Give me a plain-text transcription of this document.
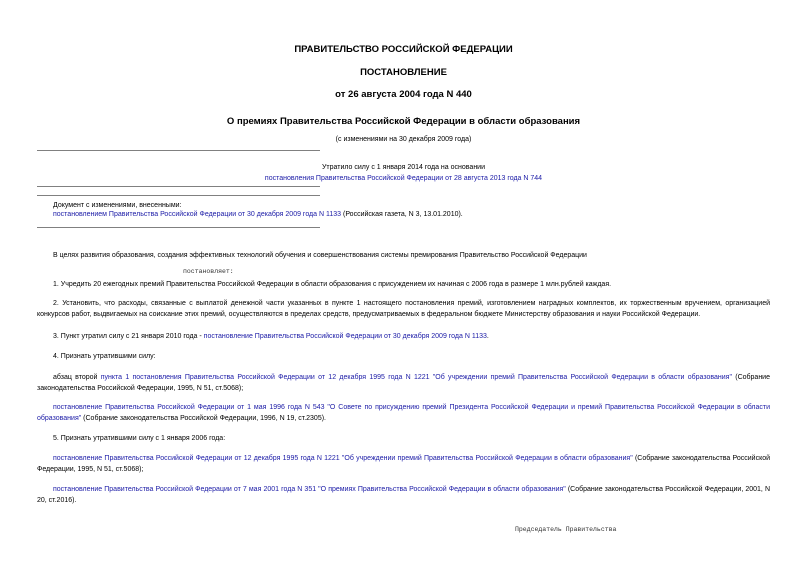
ПРАВИТЕЛЬСТВО РОССИЙСКОЙ ФЕДЕРАЦИИ
ПОСТАНОВЛЕНИЕ
от 26 августа 2004 года N 440
О премиях Правительства Российской Федерации в области образования
(с изменениями на 30 декабря 2009 года)
Утратило силу с 1 января 2014 года на основании
постановления Правительства Российской Федерации от 28 августа 2013 года N 744
Документ с изменениями, внесенными:
постановлением Правительства Российской Федерации от 30 декабря 2009 года N 1133 (Российская газета, N 3, 13.01.2010).
В целях развития образования, создания эффективных технологий обучения и совершенствования системы премирования Правительство Российской Федерации
постановляет:
1. Учредить 20 ежегодных премий Правительства Российской Федерации в области образования с присуждением их начиная с 2006 года в размере 1 млн.рублей каждая.
2. Установить, что расходы, связанные с выплатой денежной части указанных в пункте 1 настоящего постановления премий, изготовлением наградных комплектов, их торжественным вручением, организацией конкурсов работ, выдвигаемых на соискание этих премий, осуществляются в пределах средств, предусматриваемых в федеральном бюджете Министерству образования и науки Российской Федерации.
3. Пункт утратил силу с 21 января 2010 года - постановление Правительства Российской Федерации от 30 декабря 2009 года N 1133.
4. Признать утратившими силу:
абзац второй пункта 1 постановления Правительства Российской Федерации от 12 декабря 1995 года N 1221 "Об учреждении премий Правительства Российской Федерации в области образования" (Собрание законодательства Российской Федерации, 1995, N 51, ст.5068);
постановление Правительства Российской Федерации от 1 мая 1996 года N 543 "О Совете по присуждению премий Президента Российской Федерации и премий Правительства Российской Федерации в области образования" (Собрание законодательства Российской Федерации, 1996, N 19, ст.2305).
5. Признать утратившими силу с 1 января 2006 года:
постановление Правительства Российской Федерации от 12 декабря 1995 года N 1221 "Об учреждении премий Правительства Российской Федерации в области образования" (Собрание законодательства Российской Федерации, 1995, N 51, ст.5068);
постановление Правительства Российской Федерации от 7 мая 2001 года N 351 "О премиях Правительства Российской Федерации в области образования" (Собрание законодательства Российской Федерации, 2001, N 20, ст.2016).
Председатель Правительства
